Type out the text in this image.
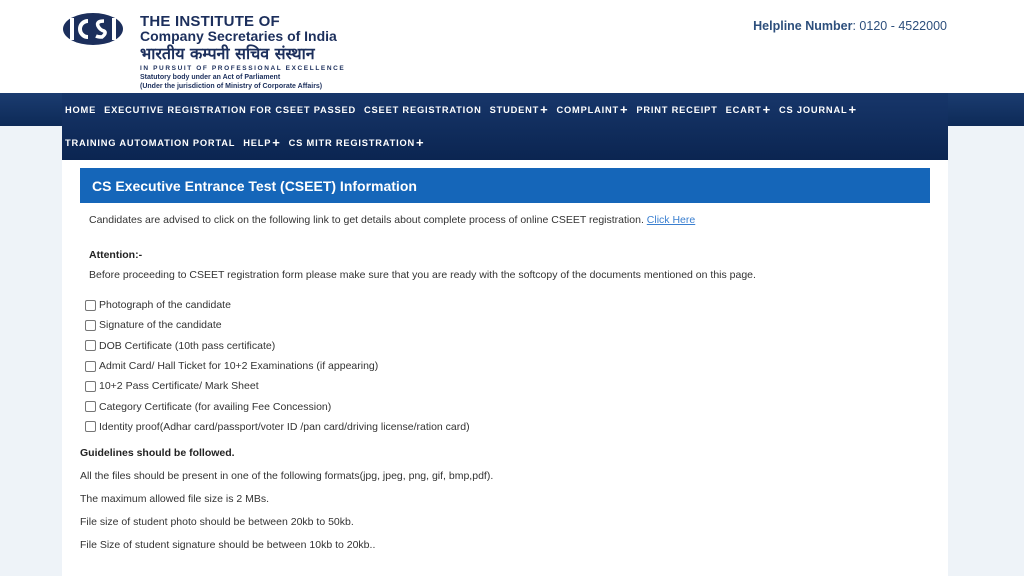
THE INSTITUTE OF
Company Secretaries of India
भारतीय कम्पनी सचिव संस्थान
IN PURSUIT OF PROFESSIONAL EXCELLENCE
Statutory body under an Act of Parliament
(Under the jurisdiction of Ministry of Corporate Affairs)
Helpline Number: 0120 - 4522000
HOME EXECUTIVE REGISTRATION FOR CSEET PASSED CSEET REGISTRATION STUDENT + COMPLAINT + PRINT RECEIPT ECART + CS JOURNAL +
TRAINING AUTOMATION PORTAL HELP + CS MITR REGISTRATION +
CS Executive Entrance Test (CSEET) Information
Candidates are advised to click on the following link to get details about complete process of online CSEET registration. Click Here
Attention:-
Before proceeding to CSEET registration form please make sure that you are ready with the softcopy of the documents mentioned on this page.
Photograph of the candidate
Signature of the candidate
DOB Certificate (10th pass certificate)
Admit Card/ Hall Ticket for 10+2 Examinations (if appearing)
10+2 Pass Certificate/ Mark Sheet
Category Certificate (for availing Fee Concession)
Identity proof(Adhar card/passport/voter ID /pan card/driving license/ration card)
Guidelines should be followed.
All the files should be present in one of the following formats(jpg, jpeg, png, gif, bmp,pdf).
The maximum allowed file size is 2 MBs.
File size of student photo should be between 20kb to 50kb.
File Size of student signature should be between 10kb to 20kb..
